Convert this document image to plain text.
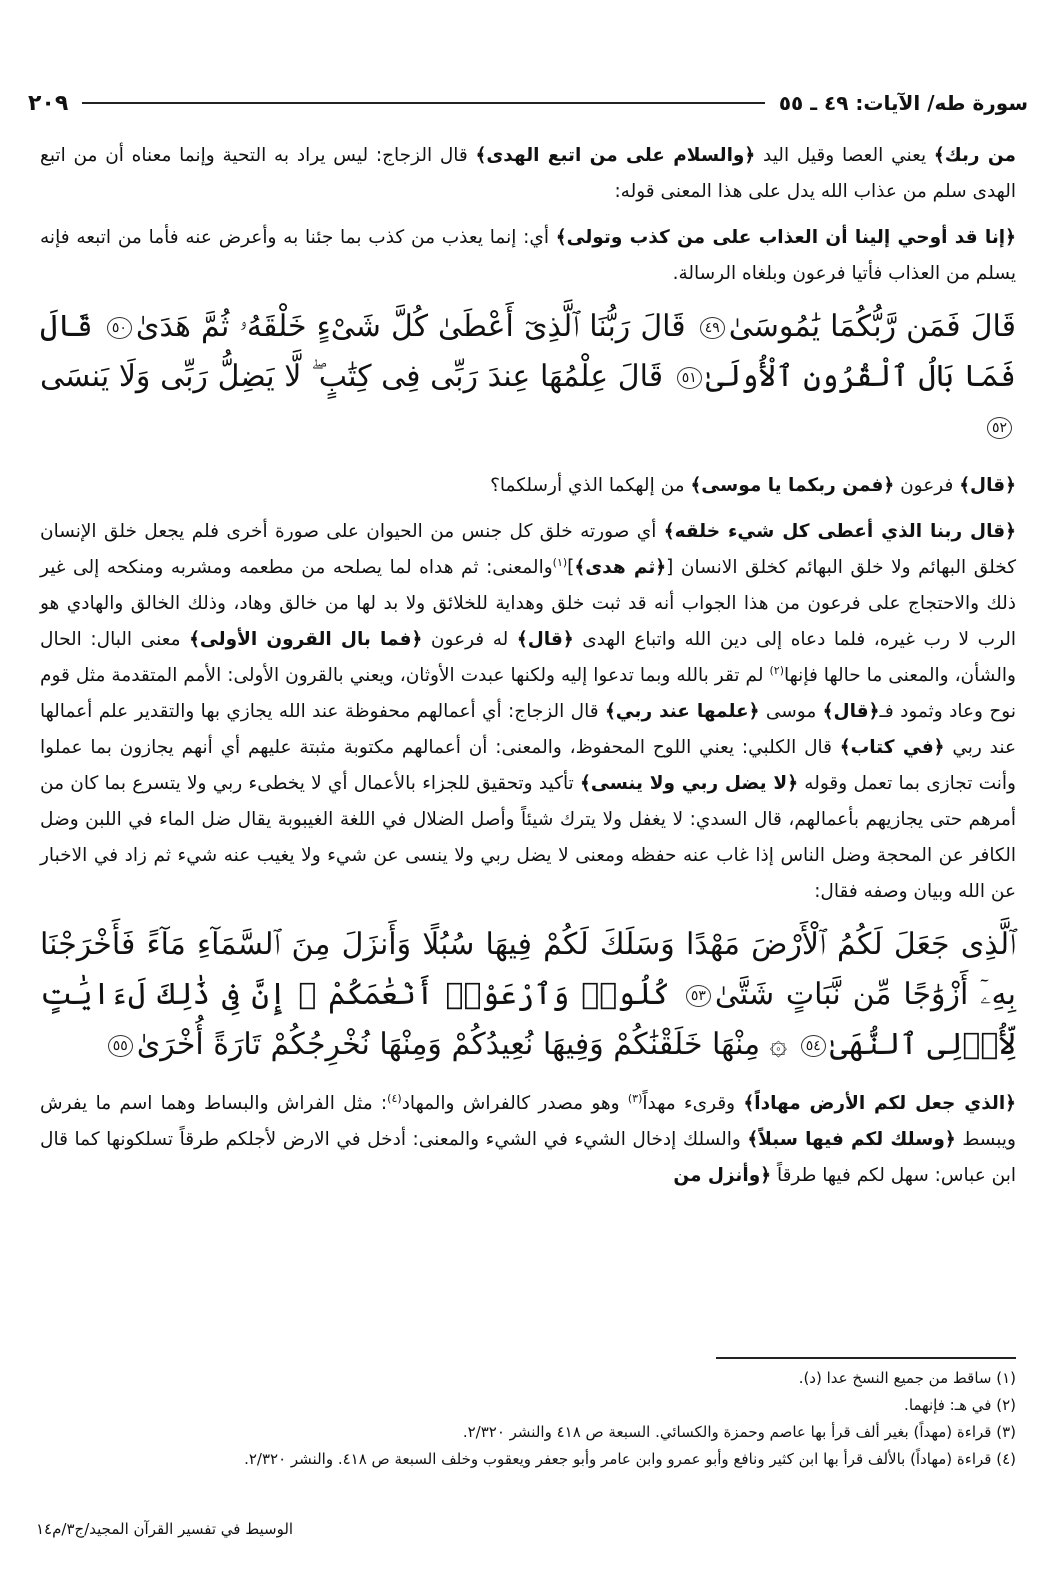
سورة طه/ الآيات: ٤٩ ـ ٥٥
٢٠٩

من ربك﴾ يعني العصا وقيل اليد ﴿والسلام على من اتبع الهدى﴾ قال الزجاج: ليس يراد به التحية وإنما معناه أن من اتبع الهدى سلم من عذاب الله يدل على هذا المعنى قوله:

﴿إنا قد أوحي إلينا أن العذاب على من كذب وتولى﴾ أي: إنما يعذب من كذب بما جئنا به وأعرض عنه فأما من اتبعه فإنه يسلم من العذاب فأتيا فرعون وبلغاه الرسالة.

قَالَ فَمَن رَّبُّكُمَا يَٰمُوسَىٰ٤٩ قَالَ رَبُّنَا ٱلَّذِىٓ أَعْطَىٰ كُلَّ شَىْءٍ خَلْقَهُۥ ثُمَّ هَدَىٰ٥٠ قَالَ فَمَا بَالُ ٱلْقُرُونِ ٱلْأُولَىٰ٥١ قَالَ عِلْمُهَا عِندَ رَبِّى فِى كِتَٰبٍ ۖ لَّا يَضِلُّ رَبِّى وَلَا يَنسَى٥٢

﴿قال﴾ فرعون ﴿فمن ربكما يا موسى﴾ من إلهكما الذي أرسلكما؟

﴿قال ربنا الذي أعطى كل شيء خلقه﴾ أي صورته خلق كل جنس من الحيوان على صورة أخرى فلم يجعل خلق الإنسان كخلق البهائم ولا خلق البهائم كخلق الانسان [﴿ثم هدى﴾]$^{(١)}$والمعنى: ثم هداه لما يصلحه من مطعمه ومشربه ومنكحه إلى غير ذلك والاحتجاج على فرعون من هذا الجواب أنه قد ثبت خلق وهداية للخلائق ولا بد لها من خالق وهاد، وذلك الخالق والهادي هو الرب لا رب غيره، فلما دعاه إلى دين الله واتباع الهدى ﴿قال﴾ له فرعون ﴿فما بال القرون الأولى﴾ معنى البال: الحال والشأن، والمعنى ما حالها فإنها$^{(٢)}$ لم تقر بالله وبما تدعوا إليه ولكنها عبدت الأوثان، ويعني بالقرون الأولى: الأمم المتقدمة مثل قوم نوح وعاد وثمود فـ﴿قال﴾ موسى ﴿علمها عند ربي﴾ قال الزجاج: أي أعمالهم محفوظة عند الله يجازي بها والتقدير علم أعمالها عند ربي ﴿في كتاب﴾ قال الكلبي: يعني اللوح المحفوظ، والمعنى: أن أعمالهم مكتوبة مثبتة عليهم أي أنهم يجازون بما عملوا وأنت تجازى بما تعمل وقوله ﴿لا يضل ربي ولا ينسى﴾ تأكيد وتحقيق للجزاء بالأعمال أي لا يخطىء ربي ولا يتسرع بما كان من أمرهم حتى يجازيهم بأعمالهم، قال السدي: لا يغفل ولا يترك شيئاً وأصل الضلال في اللغة الغيبوبة يقال ضل الماء في اللبن وضل الكافر عن المحجة وضل الناس إذا غاب عنه حفظه ومعنى لا يضل ربي ولا ينسى عن شيء ولا يغيب عنه شيء ثم زاد في الاخبار عن الله وبيان وصفه فقال:

ٱلَّذِى جَعَلَ لَكُمُ ٱلْأَرْضَ مَهْدًا وَسَلَكَ لَكُمْ فِيهَا سُبُلًا وَأَنزَلَ مِنَ ٱلسَّمَآءِ مَآءً فَأَخْرَجْنَا بِهِۦٓ أَزْوَٰجًا مِّن نَّبَاتٍ شَتَّىٰ٥٣ كُلُوا۟ وَٱرْعَوْا۟ أَنْعَٰمَكُمْ ۗ إِنَّ فِى ذَٰلِكَ لَءَايَٰتٍ لِّأُو۟لِى ٱلنُّهَىٰ٥٤ ۞ مِنْهَا خَلَقْنَٰكُمْ وَفِيهَا نُعِيدُكُمْ وَمِنْهَا نُخْرِجُكُمْ تَارَةً أُخْرَىٰ٥٥

﴿الذي جعل لكم الأرض مهاداً﴾ وقرىء مهداً$^{(٣)}$ وهو مصدر كالفراش والمهاد$^{(٤)}$: مثل الفراش والبساط وهما اسم ما يفرش ويبسط ﴿وسلك لكم فيها سبلاً﴾ والسلك إدخال الشيء في الشيء والمعنى: أدخل في الارض لأجلكم طرقاً تسلكونها كما قال ابن عباس: سهل لكم فيها طرقاً ﴿وأنزل من

(١) ساقط من جميع النسخ عدا (د).
(٢) في هـ: فإنهما.
(٣) قراءة (مهداً) بغير ألف قرأ بها عاصم وحمزة والكسائي. السبعة ص ٤١٨ والنشر ٢/٣٢٠.
(٤) قراءة (مهاداً) بالألف قرأ بها ابن كثير ونافع وأبو عمرو وابن عامر وأبو جعفر ويعقوب وخلف السبعة ص ٤١٨. والنشر ٢/٣٢٠.
الوسيط في تفسير القرآن المجيد/ج٣/م١٤
